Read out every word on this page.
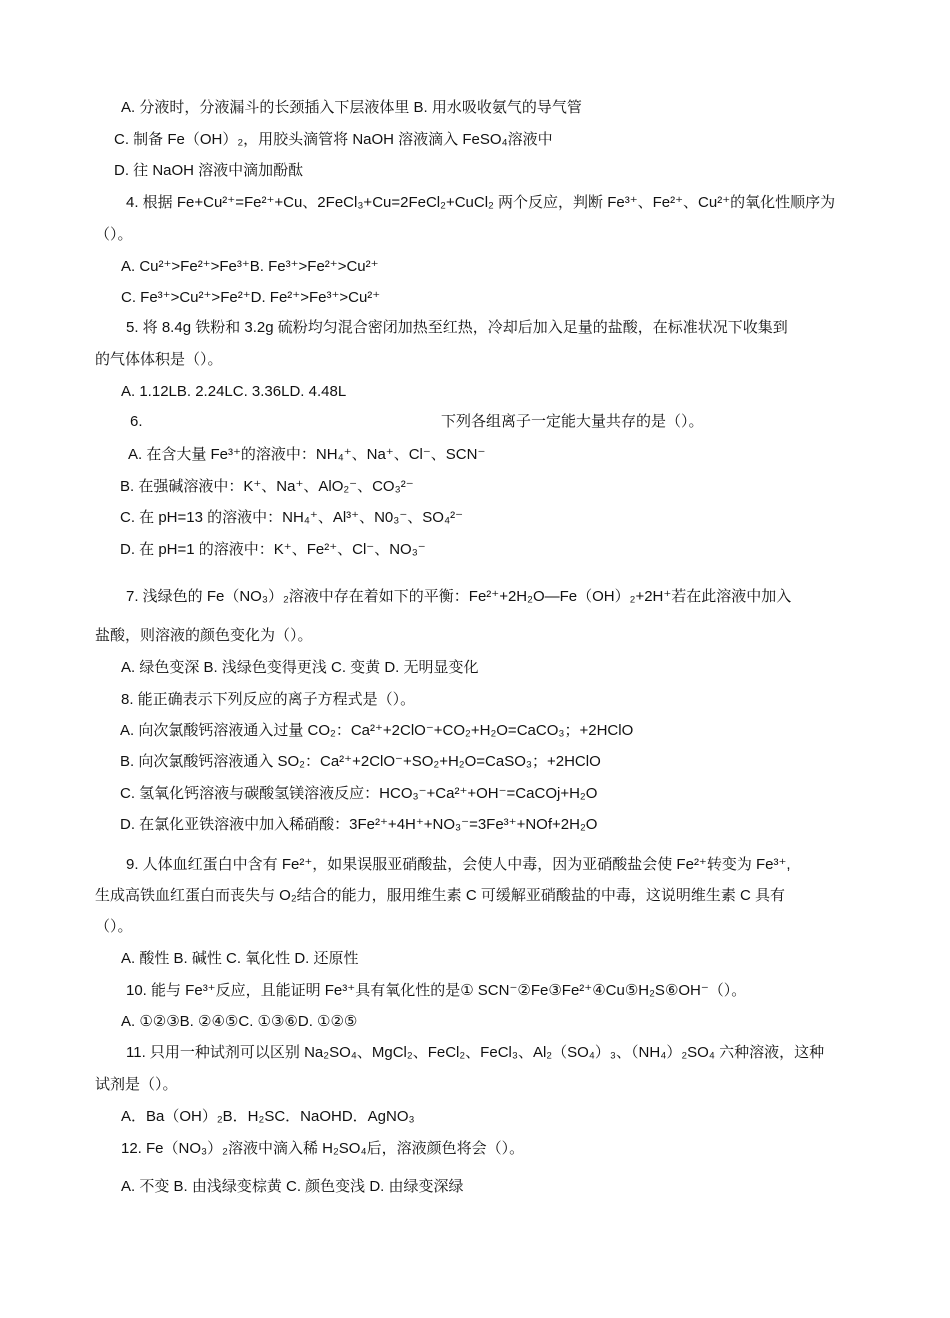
A. 分液时，分液漏斗的长颈插入下层液体里 B. 用水吸收氨气的导气管
C. 制备 Fe（OH）₂，用胶头滴管将 NaOH 溶液滴入 FeSO₄溶液中
D. 往 NaOH 溶液中滴加酚酞
4. 根据 Fe+Cu²⁺=Fe²⁺+Cu、2FeCl₃+Cu=2FeCl₂+CuCl₂ 两个反应，判断 Fe³⁺、Fe²⁺、Cu²⁺的氧化性顺序为
（）。
A. Cu²⁺>Fe²⁺>Fe³⁺B. Fe³⁺>Fe²⁺>Cu²⁺
C. Fe³⁺>Cu²⁺>Fe²⁺D. Fe²⁺>Fe³⁺>Cu²⁺
5. 将 8.4g 铁粉和 3.2g 硫粉均匀混合密闭加热至红热，冷却后加入足量的盐酸，在标准状况下收集到
的气体体积是（）。
A. 1.12LB. 2.24LC. 3.36LD. 4.48L
6.	下列各组离子一定能大量共存的是（）。
A. 在含大量 Fe³⁺的溶液中：NH₄⁺、Na⁺、Cl⁻、SCN⁻
B. 在强碱溶液中：K⁺、Na⁺、AlO₂⁻、CO₃²⁻
C. 在 pH=13 的溶液中：NH₄⁺、Al³⁺、N0₃⁻、SO₄²⁻
D. 在 pH=1 的溶液中：K⁺、Fe²⁺、Cl⁻、NO₃⁻
7. 浅绿色的 Fe（NO₃）₂溶液中存在着如下的平衡：Fe²⁺+2H₂O—Fe（OH）₂+2H⁺若在此溶液中加入
盐酸，则溶液的颜色变化为（）。
A. 绿色变深 B. 浅绿色变得更浅 C. 变黄 D. 无明显变化
8. 能正确表示下列反应的离子方程式是（）。
A. 向次氯酸钙溶液通入过量 CO₂：Ca²⁺+2ClO⁻+CO₂+H₂O=CaCO₃；+2HClO
B. 向次氯酸钙溶液通入 SO₂：Ca²⁺+2ClO⁻+SO₂+H₂O=CaSO₃；+2HClO
C. 氢氧化钙溶液与碳酸氢镁溶液反应：HCO₃⁻+Ca²⁺+OH⁻=CaCOj+H₂O
D. 在氯化亚铁溶液中加入稀硝酸：3Fe²⁺+4H⁺+NO₃⁻=3Fe³⁺+NOf+2H₂O
9. 人体血红蛋白中含有 Fe²⁺，如果误服亚硝酸盐，会使人中毒，因为亚硝酸盐会使 Fe²⁺转变为 Fe³⁺,
生成高铁血红蛋白而丧失与 O₂结合的能力，服用维生素 C 可缓解亚硝酸盐的中毒，这说明维生素 C 具有
（）。
A. 酸性 B. 碱性 C. 氧化性 D. 还原性
10. 能与 Fe³⁺反应，且能证明 Fe³⁺具有氧化性的是① SCN⁻②Fe③Fe²⁺④Cu⑤H₂S⑥OH⁻（）。
A. ①②③B. ②④⑤C. ①③⑥D. ①②⑤
11. 只用一种试剂可以区别 Na₂SO₄、MgCl₂、FeCl₂、FeCl₃、Al₂（SO₄）₃、（NH₄）₂SO₄ 六种溶液，这种
试剂是（）。
A．Ba（OH）₂B．H₂SC．NaOHD．AgNO₃
12. Fe（NO₃）₂溶液中滴入稀 H₂SO₄后，溶液颜色将会（）。
A. 不变 B. 由浅绿变棕黄 C. 颜色变浅 D. 由绿变深绿
